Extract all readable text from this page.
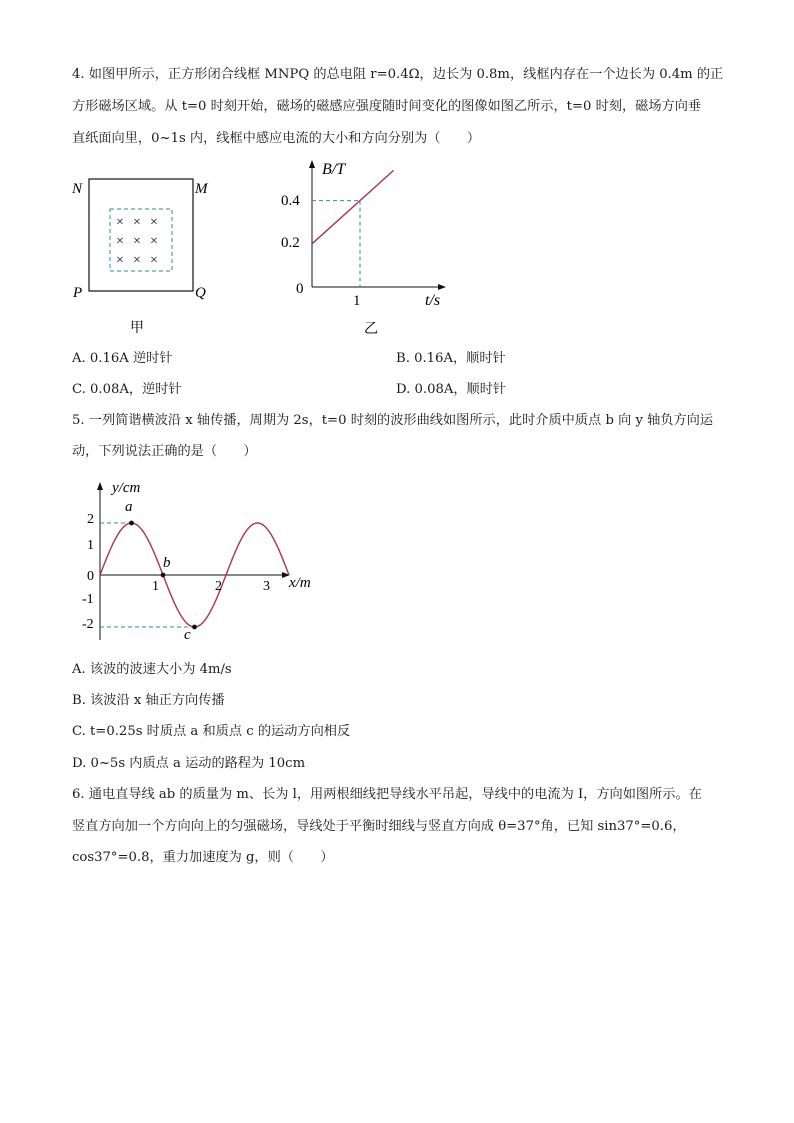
4. 如图甲所示，正方形闭合线框 MNPQ 的总电阻 r=0.4Ω，边长为 0.8m，线框内存在一个边长为 0.4m 的正
方形磁场区域。从 t=0 时刻开始，磁场的磁感应强度随时间变化的图像如图乙所示，t=0 时刻，磁场方向垂
直纸面向里，0~1s 内，线框中感应电流的大小和方向分别为（　　）
× × ×
× × ×
× × ×
N	M
P	Q
甲
B/T
t/s
0
0.2
0.4
1
乙
A. 0.16A 逆时针	B. 0.16A，顺时针
C. 0.08A，逆时针	D. 0.08A，顺时针
5. 一列简谐横波沿 x 轴传播，周期为 2s，t=0 时刻的波形曲线如图所示，此时介质中质点 b 向 y 轴负方向运
动，下列说法正确的是（　　）
y/cm
x/m
2
1
0
-1
-2
1	2	3
a
b
c
A. 该波的波速大小为 4m/s
B. 该波沿 x 轴正方向传播
C. t=0.25s 时质点 a 和质点 c 的运动方向相反
D. 0~5s 内质点 a 运动的路程为 10cm
6. 通电直导线 ab 的质量为 m、长为 l，用两根细线把导线水平吊起，导线中的电流为 I，方向如图所示。在
竖直方向加一个方向向上的匀强磁场，导线处于平衡时细线与竖直方向成 θ=37°角，已知 sin37°=0.6，
cos37°=0.8，重力加速度为 g，则（　　）
